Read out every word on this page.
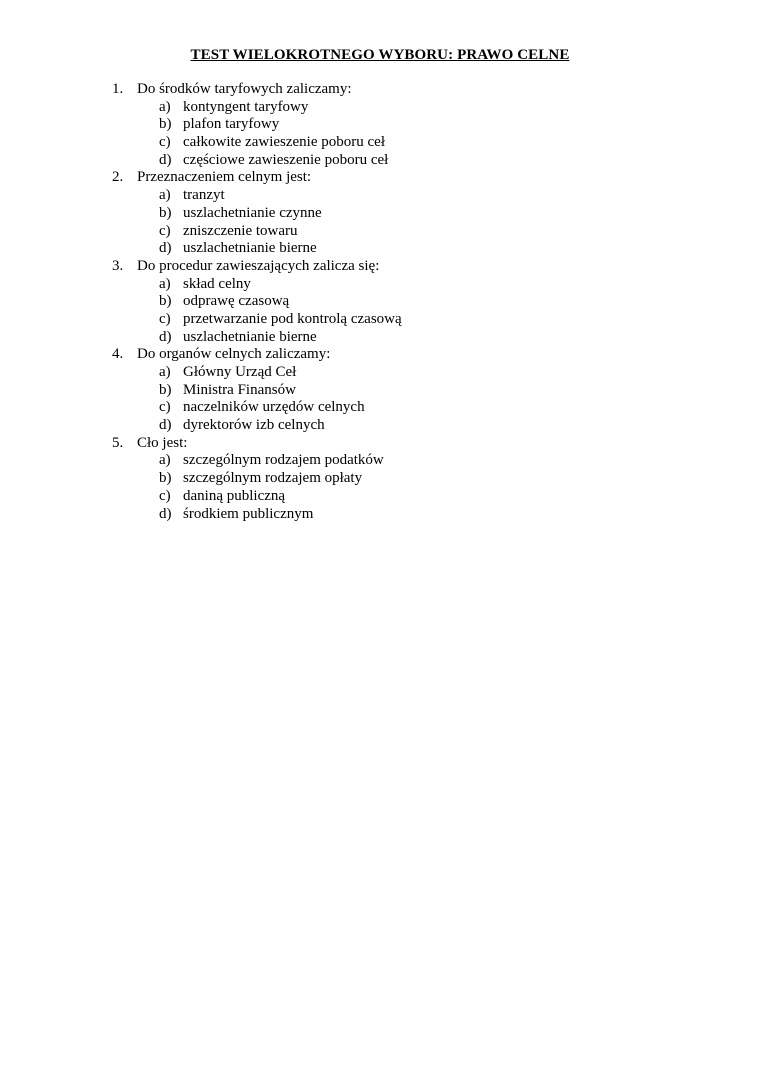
TEST WIELOKROTNEGO WYBORU: PRAWO CELNE
1. Do środków taryfowych zaliczamy:
a) kontyngent taryfowy
b) plafon taryfowy
c) całkowite zawieszenie poboru ceł
d) częściowe zawieszenie poboru ceł
2. Przeznaczeniem celnym jest:
a) tranzyt
b) uszlachetnianie czynne
c) zniszczenie towaru
d) uszlachetnianie bierne
3. Do procedur zawieszających zalicza się:
a) skład celny
b) odprawę czasową
c) przetwarzanie pod kontrolą czasową
d) uszlachetnianie bierne
4. Do organów celnych zaliczamy:
a) Główny Urząd Ceł
b) Ministra Finansów
c) naczelników urzędów celnych
d) dyrektorów izb celnych
5. Cło jest:
a) szczególnym rodzajem podatków
b) szczególnym rodzajem opłaty
c) daniną publiczną
d) środkiem publicznym
